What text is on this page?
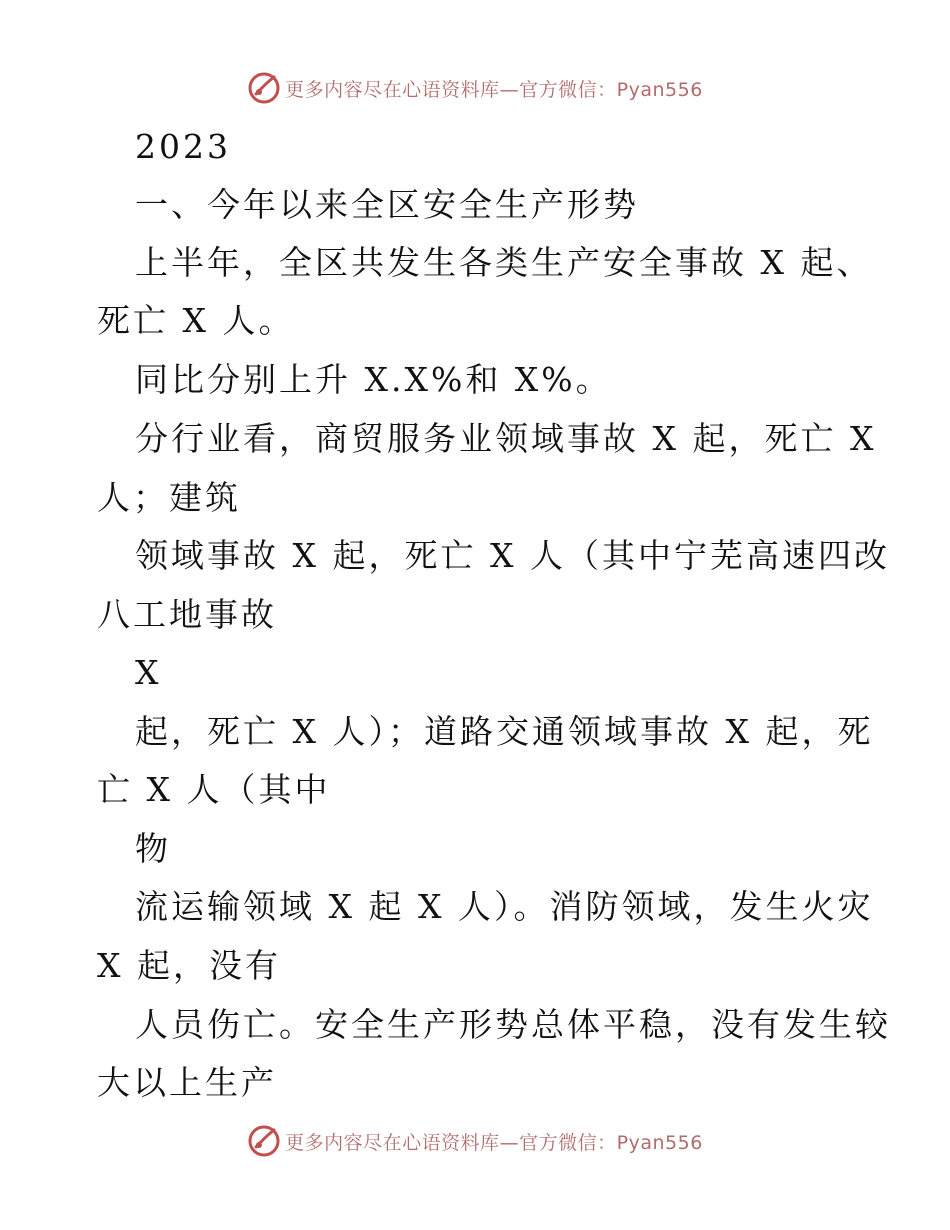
更多内容尽在心语资料库—官方微信：Pyan556
2023
一、今年以来全区安全生产形势
上半年，全区共发生各类生产安全事故 X 起、
死亡 X 人。
同比分别上升 X.X%和 X%。
分行业看，商贸服务业领域事故 X 起，死亡 X
人；建筑
领域事故 X 起，死亡 X 人（其中宁芜高速四改
八工地事故
X
起，死亡 X 人）；道路交通领域事故 X 起，死
亡 X 人（其中
物
流运输领域 X 起 X 人）。消防领域，发生火灾
X 起，没有
人员伤亡。安全生产形势总体平稳，没有发生较
大以上生产
更多内容尽在心语资料库—官方微信：Pyan556
